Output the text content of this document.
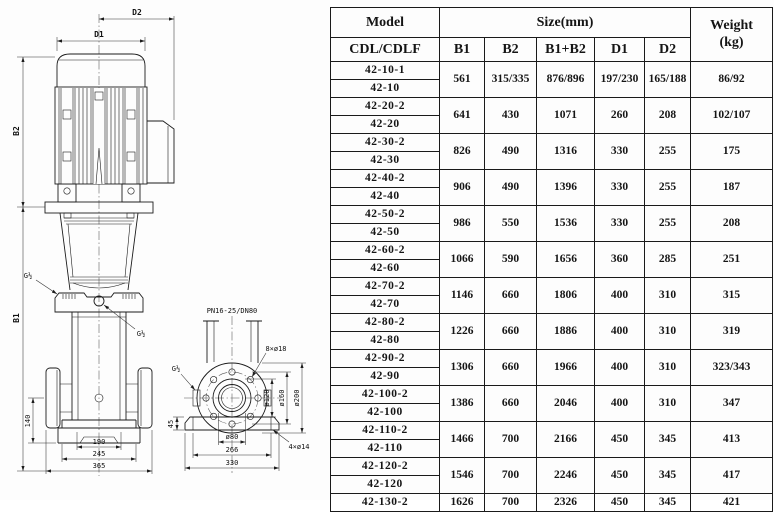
D2
D1
B2
B1
G½
G½
140
190
245
365
PN16-25/DN80
G½
8×ø18
ø120 ø160 ø200
45
4×ø14
ø80
266
330
Model	Size(mm)					Weight
(kg)

CDL/CDLF	B1	B2	B1+B2	D1	D2	
42-10-1	561	315/335	876/896	197/230	165/188	86/92
42-10						
42-20-2	641	430	1071	260	208	102/107
42-20						
42-30-2	826	490	1316	330	255	175
42-30						
42-40-2	906	490	1396	330	255	187
42-40						
42-50-2	986	550	1536	330	255	208
42-50						
42-60-2	1066	590	1656	360	285	251
42-60						
42-70-2	1146	660	1806	400	310	315
42-70						
42-80-2	1226	660	1886	400	310	319
42-80						
42-90-2	1306	660	1966	400	310	323/343
42-90						
42-100-2	1386	660	2046	400	310	347
42-100						
42-110-2	1466	700	2166	450	345	413
42-110						
42-120-2	1546	700	2246	450	345	417
42-120						
42-130-2	1626	700	2326	450	345	421
